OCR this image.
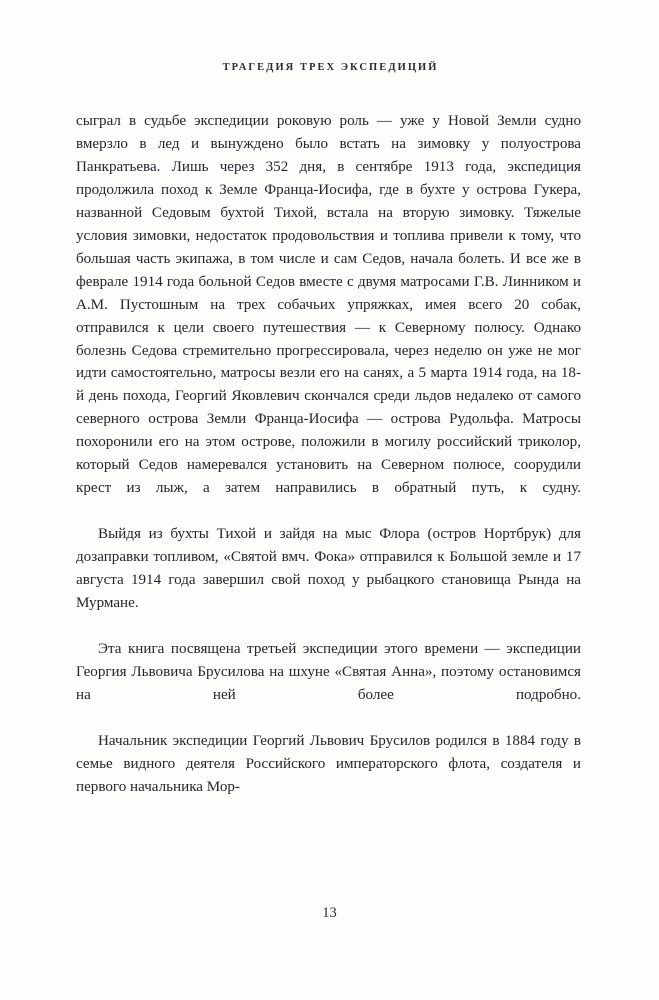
ТРАГЕДИЯ ТРЕХ ЭКСПЕДИЦИЙ

сыграл в судьбе экспедиции роковую роль — уже у Новой Земли судно вмерзло в лед и вынуждено было встать на зимовку у полуострова Панкратьева. Лишь через 352 дня, в сентябре 1913 года, экспедиция продолжила поход к Земле Франца-Иосифа, где в бухте у острова Гукера, названной Седовым бухтой Тихой, встала на вторую зимовку. Тяжелые условия зимовки, недостаток продовольствия и топлива привели к тому, что большая часть экипажа, в том числе и сам Седов, начала болеть. И все же в феврале 1914 года больной Седов вместе с двумя матросами Г.В. Линником и А.М. Пустошным на трех собачьих упряжках, имея всего 20 собак, отправился к цели своего путешествия — к Северному полюсу. Однако болезнь Седова стремительно прогрессировала, через неделю он уже не мог идти самостоятельно, матросы везли его на санях, а 5 марта 1914 года, на 18-й день похода, Георгий Яковлевич скончался среди льдов недалеко от самого северного острова Земли Франца-Иосифа — острова Рудольфа. Матросы похоронили его на этом острове, положили в могилу российский триколор, который Седов намеревался установить на Северном полюсе, соорудили крест из лыж, а затем направились в обратный путь, к судну.

Выйдя из бухты Тихой и зайдя на мыс Флора (остров Нортбрук) для дозаправки топливом, «Святой вмч. Фока» отправился к Большой земле и 17 августа 1914 года завершил свой поход у рыбацкого становища Рында на Мурмане.

Эта книга посвящена третьей экспедиции этого времени — экспедиции Георгия Львовича Брусилова на шхуне «Святая Анна», поэтому остановимся на ней более подробно.

Начальник экспедиции Георгий Львович Брусилов родился в 1884 году в семье видного деятеля Российского императорского флота, создателя и первого начальника Мор-

13
